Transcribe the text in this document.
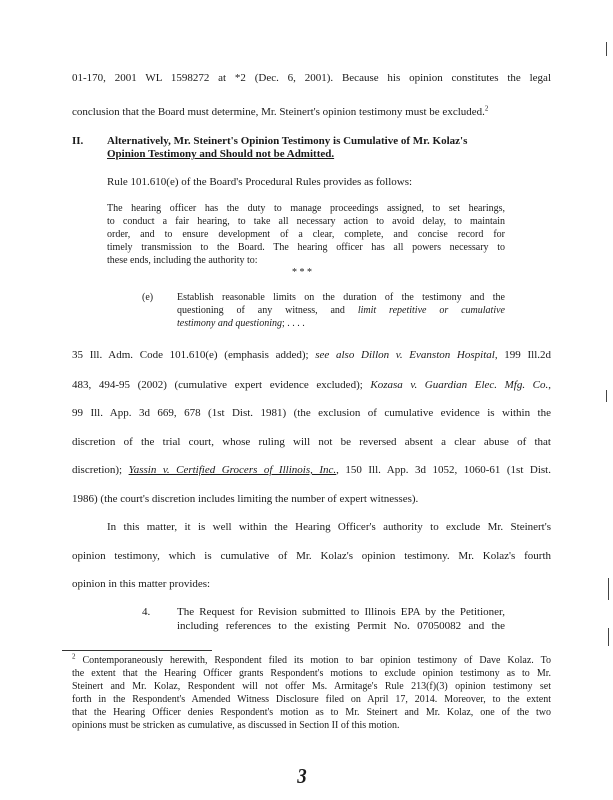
01-170, 2001 WL 1598272 at *2 (Dec. 6, 2001). Because his opinion constitutes the legal
conclusion that the Board must determine, Mr. Steinert's opinion testimony must be excluded.$^2$
II. Alternatively, Mr. Steinert's Opinion Testimony is Cumulative of Mr. Kolaz's
Opinion Testimony and Should not be Admitted.
Rule 101.610(e) of the Board's Procedural Rules provides as follows:
The hearing officer has the duty to manage proceedings assigned, to set hearings,
to conduct a fair hearing, to take all necessary action to avoid delay, to maintain
order, and to ensure development of a clear, complete, and concise record for
timely transmission to the Board. The hearing officer has all powers necessary to
these ends, including the authority to:
* * *
(e) Establish reasonable limits on the duration of the testimony and the
questioning of any witness, and limit repetitive or cumulative
testimony and questioning; . . . .
35 Ill. Adm. Code 101.610(e) (emphasis added); see also Dillon v. Evanston Hospital, 199 Ill.2d
483, 494-95 (2002) (cumulative expert evidence excluded); Kozasa v. Guardian Elec. Mfg. Co.,
99 Ill. App. 3d 669, 678 (1st Dist. 1981) (the exclusion of cumulative evidence is within the
discretion of the trial court, whose ruling will not be reversed absent a clear abuse of that
discretion); Yassin v. Certified Grocers of Illinois, Inc., 150 Ill. App. 3d 1052, 1060-61 (1st Dist.
1986) (the court's discretion includes limiting the number of expert witnesses).
In this matter, it is well within the Hearing Officer's authority to exclude Mr. Steinert's
opinion testimony, which is cumulative of Mr. Kolaz's opinion testimony. Mr. Kolaz's fourth
opinion in this matter provides:
4. The Request for Revision submitted to Illinois EPA by the Petitioner,
including references to the existing Permit No. 07050082 and the
$^2$ Contemporaneously herewith, Respondent filed its motion to bar opinion testimony of Dave Kolaz. To
the extent that the Hearing Officer grants Respondent's motions to exclude opinion testimony as to Mr.
Steinert and Mr. Kolaz, Respondent will not offer Ms. Armitage's Rule 213(f)(3) opinion testimony set
forth in the Respondent's Amended Witness Disclosure filed on April 17, 2014. Moreover, to the extent
that the Hearing Officer denies Respondent's motion as to Mr. Steinert and Mr. Kolaz, one of the two
opinions must be stricken as cumulative, as discussed in Section II of this motion.
3
